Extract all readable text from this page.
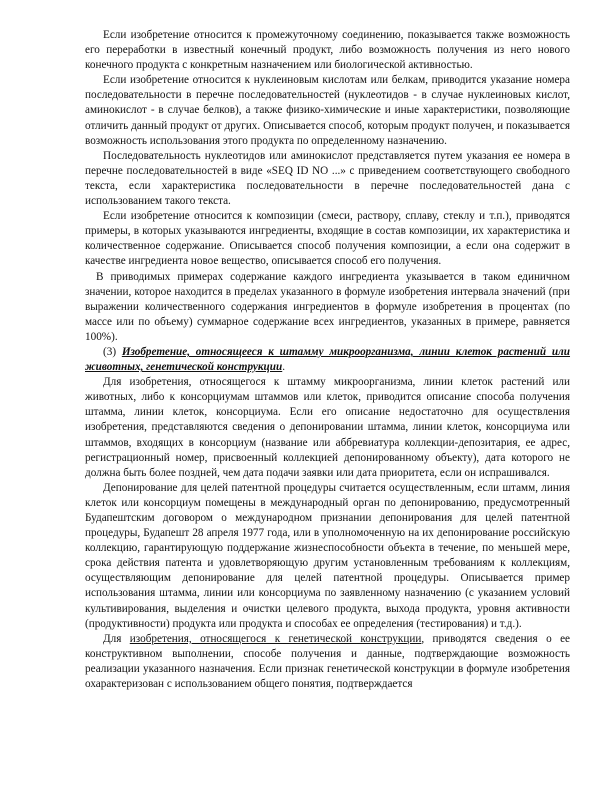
Если изобретение относится к промежуточному соединению, показывается также возможность его переработки в известный конечный продукт, либо возможность получения из него нового конечного продукта с конкретным назначением или биологической активностью.

Если изобретение относится к нуклеиновым кислотам или белкам, приводится указание номера последовательности в перечне последовательностей (нуклеотидов - в случае нуклеиновых кислот, аминокислот - в случае белков), а также физико-химические и иные характеристики, позволяющие отличить данный продукт от других. Описывается способ, которым продукт получен, и показывается возможность использования этого продукта по определенному назначению.

Последовательность нуклеотидов или аминокислот представляется путем указания ее номера в перечне последовательностей в виде «SEQ ID NO ...» с приведением соответствующего свободного текста, если характеристика последовательности в перечне последовательностей дана с использованием такого текста.

Если изобретение относится к композиции (смеси, раствору, сплаву, стеклу и т.п.), приводятся примеры, в которых указываются ингредиенты, входящие в состав композиции, их характеристика и количественное содержание. Описывается способ получения композиции, а если она содержит в качестве ингредиента новое вещество, описывается способ его получения.

В приводимых примерах содержание каждого ингредиента указывается в таком единичном значении, которое находится в пределах указанного в формуле изобретения интервала значений (при выражении количественного содержания ингредиентов в формуле изобретения в процентах (по массе или по объему) суммарное содержание всех ингредиентов, указанных в примере, равняется 100%).

(3) Изобретение, относящееся к штамму микроорганизма, линии клеток растений или животных, генетической конструкции.

Для изобретения, относящегося к штамму микроорганизма, линии клеток растений или животных, либо к консорциумам штаммов или клеток, приводится описание способа получения штамма, линии клеток, консорциума. Если его описание недостаточно для осуществления изобретения, представляются сведения о депонировании штамма, линии клеток, консорциума или штаммов, входящих в консорциум (название или аббревиатура коллекции-депозитария, ее адрес, регистрационный номер, присвоенный коллекцией депонированному объекту), дата которого не должна быть более поздней, чем дата подачи заявки или дата приоритета, если он испрашивался.

Депонирование для целей патентной процедуры считается осуществленным, если штамм, линия клеток или консорциум помещены в международный орган по депонированию, предусмотренный Будапештским договором о международном признании депонирования для целей патентной процедуры, Будапешт 28 апреля 1977 года, или в уполномоченную на их депонирование российскую коллекцию, гарантирующую поддержание жизнеспособности объекта в течение, по меньшей мере, срока действия патента и удовлетворяющую другим установленным требованиям к коллекциям, осуществляющим депонирование для целей патентной процедуры. Описывается пример использования штамма, линии или консорциума по заявленному назначению (с указанием условий культивирования, выделения и очистки целевого продукта, выхода продукта, уровня активности (продуктивности) продукта или продукта и способах ее определения (тестирования) и т.д.).

Для изобретения, относящегося к генетической конструкции, приводятся сведения о ее конструктивном выполнении, способе получения и данные, подтверждающие возможность реализации указанного назначения. Если признак генетической конструкции в формуле изобретения охарактеризован с использованием общего понятия, подтверждается
